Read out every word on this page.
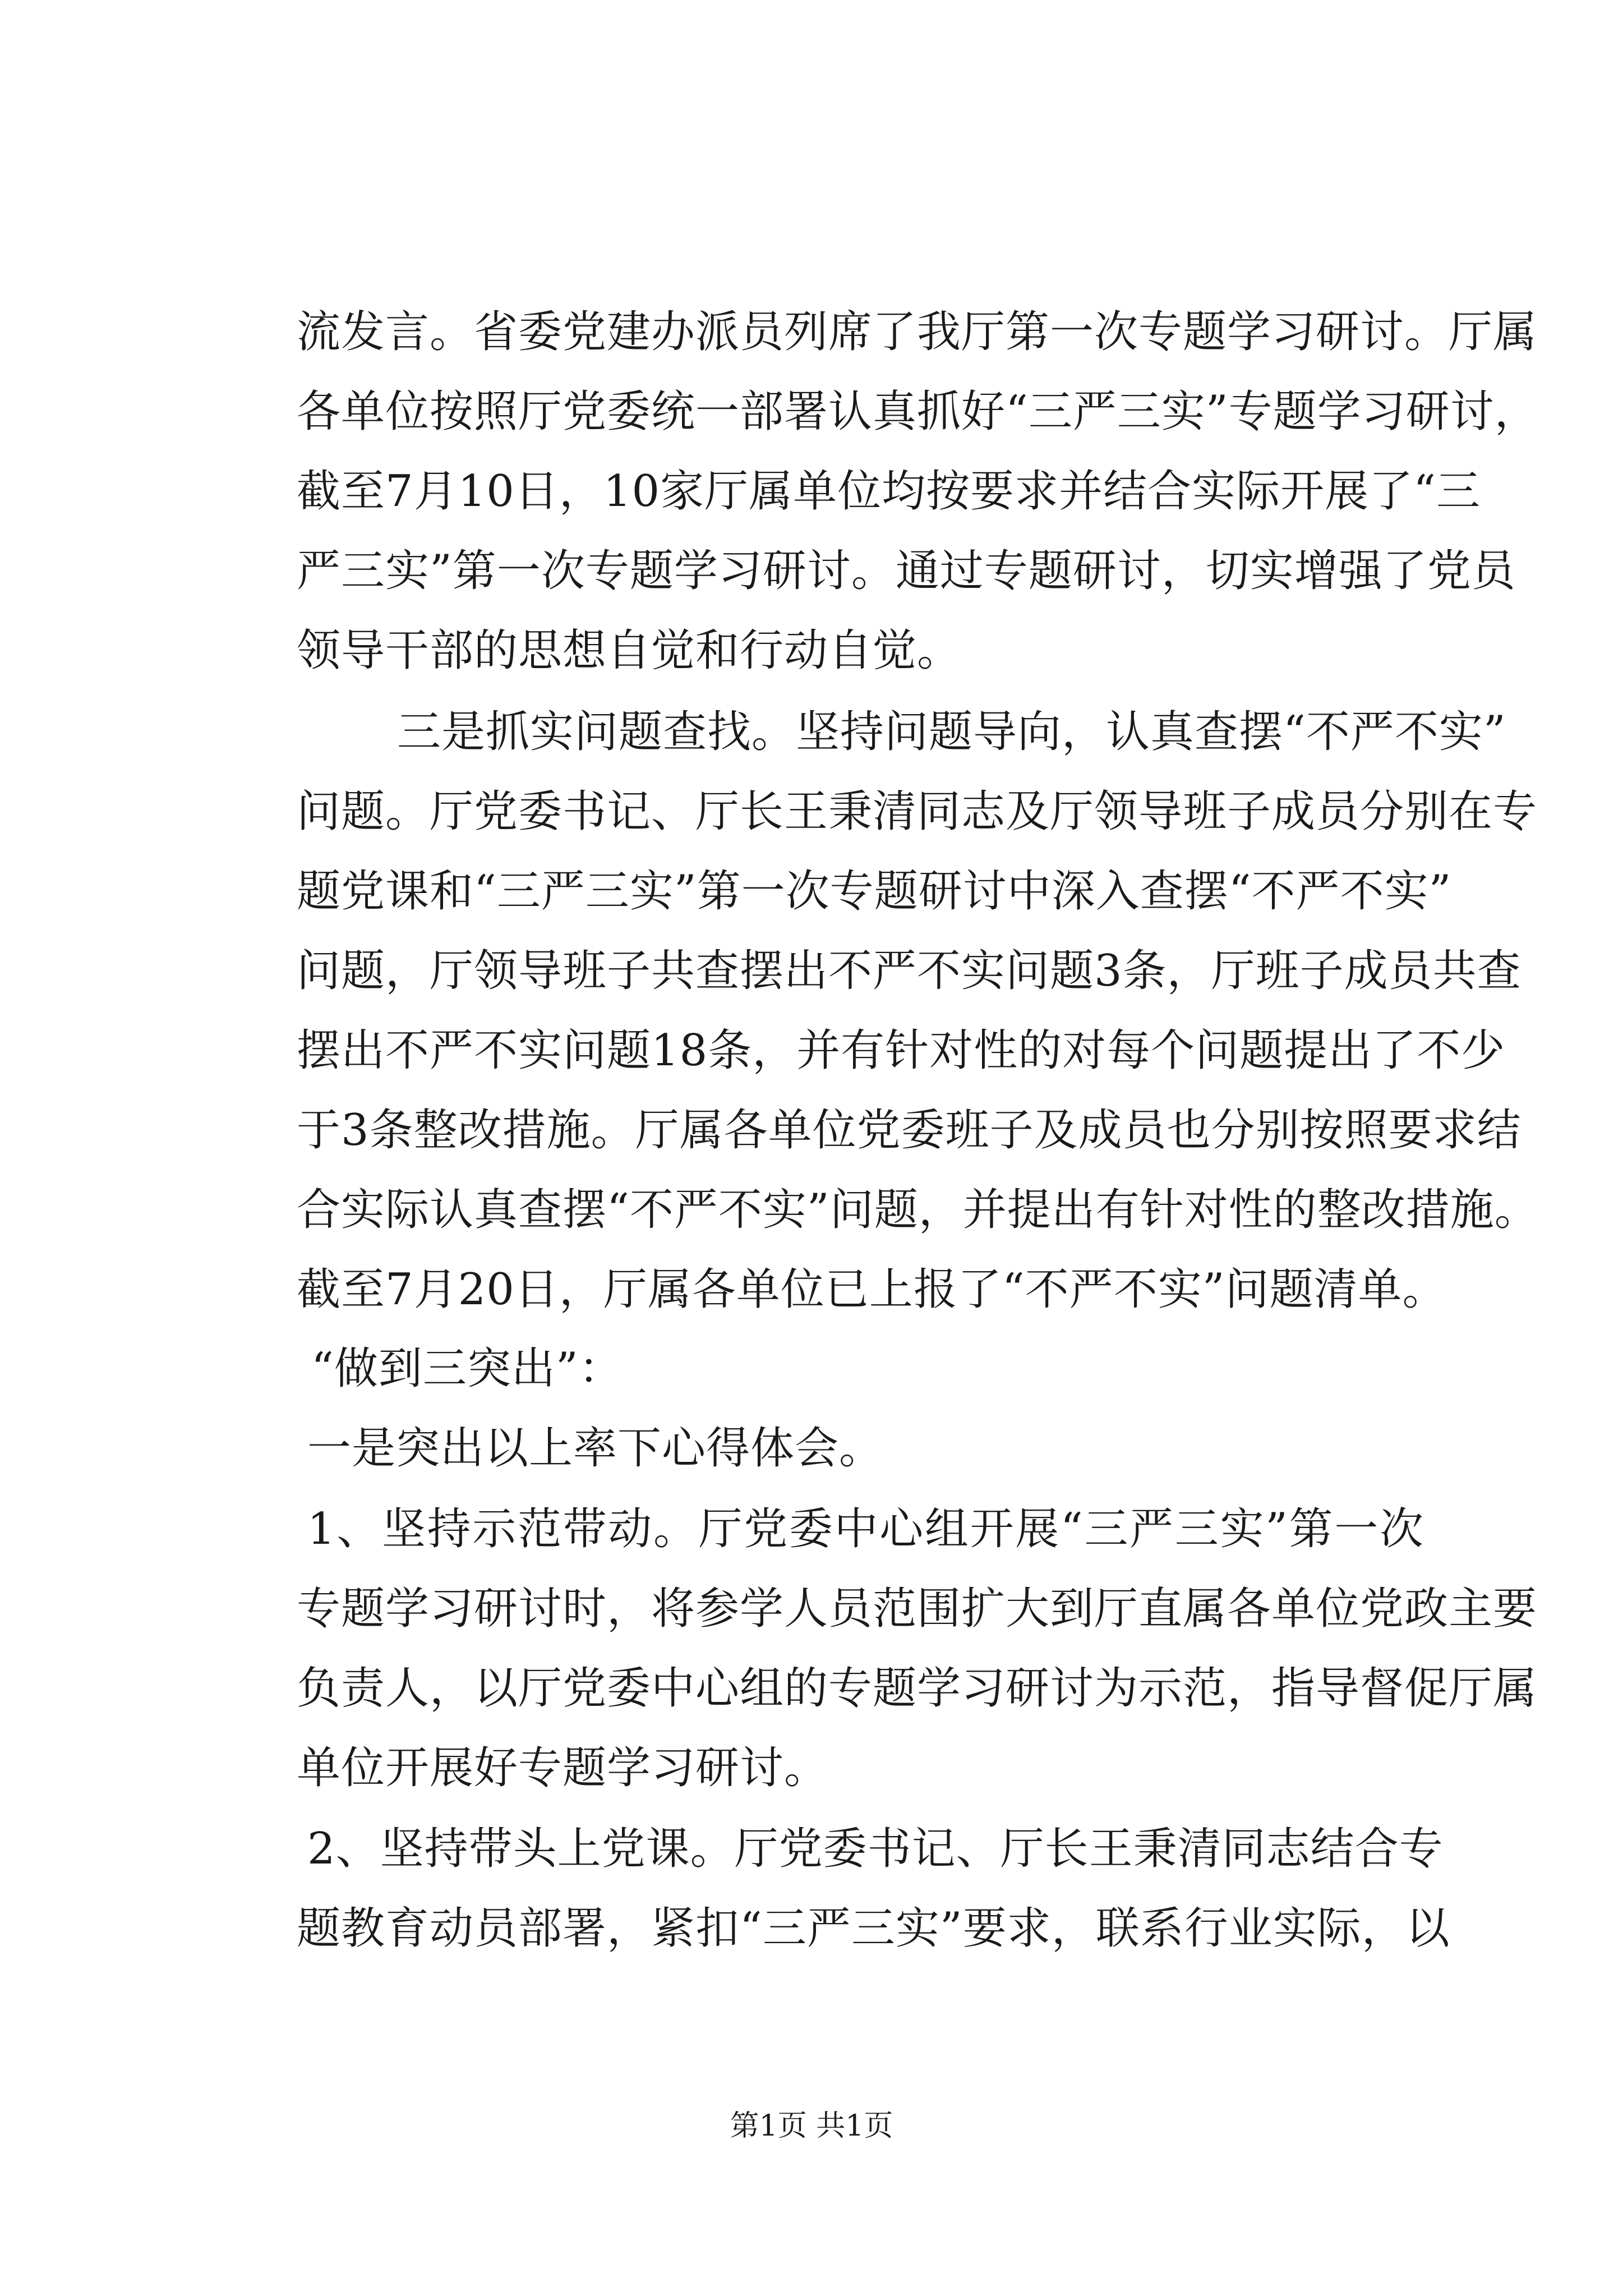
流发言。省委党建办派员列席了我厅第一次专题学习研讨。厅属
各单位按照厅党委统一部署认真抓好“三严三实”专题学习研讨，
截至7月10日，10家厅属单位均按要求并结合实际开展了“三
严三实”第一次专题学习研讨。通过专题研讨，切实增强了党员
领导干部的思想自觉和行动自觉。
三是抓实问题查找。坚持问题导向，认真查摆“不严不实”
问题。厅党委书记、厅长王秉清同志及厅领导班子成员分别在专
题党课和“三严三实”第一次专题研讨中深入查摆“不严不实”
问题，厅领导班子共查摆出不严不实问题3条，厅班子成员共查
摆出不严不实问题18条，并有针对性的对每个问题提出了不少
于3条整改措施。厅属各单位党委班子及成员也分别按照要求结
合实际认真查摆“不严不实”问题，并提出有针对性的整改措施。
截至7月20日，厅属各单位已上报了“不严不实”问题清单。
“做到三突出”：
一是突出以上率下心得体会。
1、坚持示范带动。厅党委中心组开展“三严三实”第一次
专题学习研讨时，将参学人员范围扩大到厅直属各单位党政主要
负责人，以厅党委中心组的专题学习研讨为示范，指导督促厅属
单位开展好专题学习研讨。
2、坚持带头上党课。厅党委书记、厅长王秉清同志结合专
题教育动员部署，紧扣“三严三实”要求，联系行业实际，以
第1页 共1页
